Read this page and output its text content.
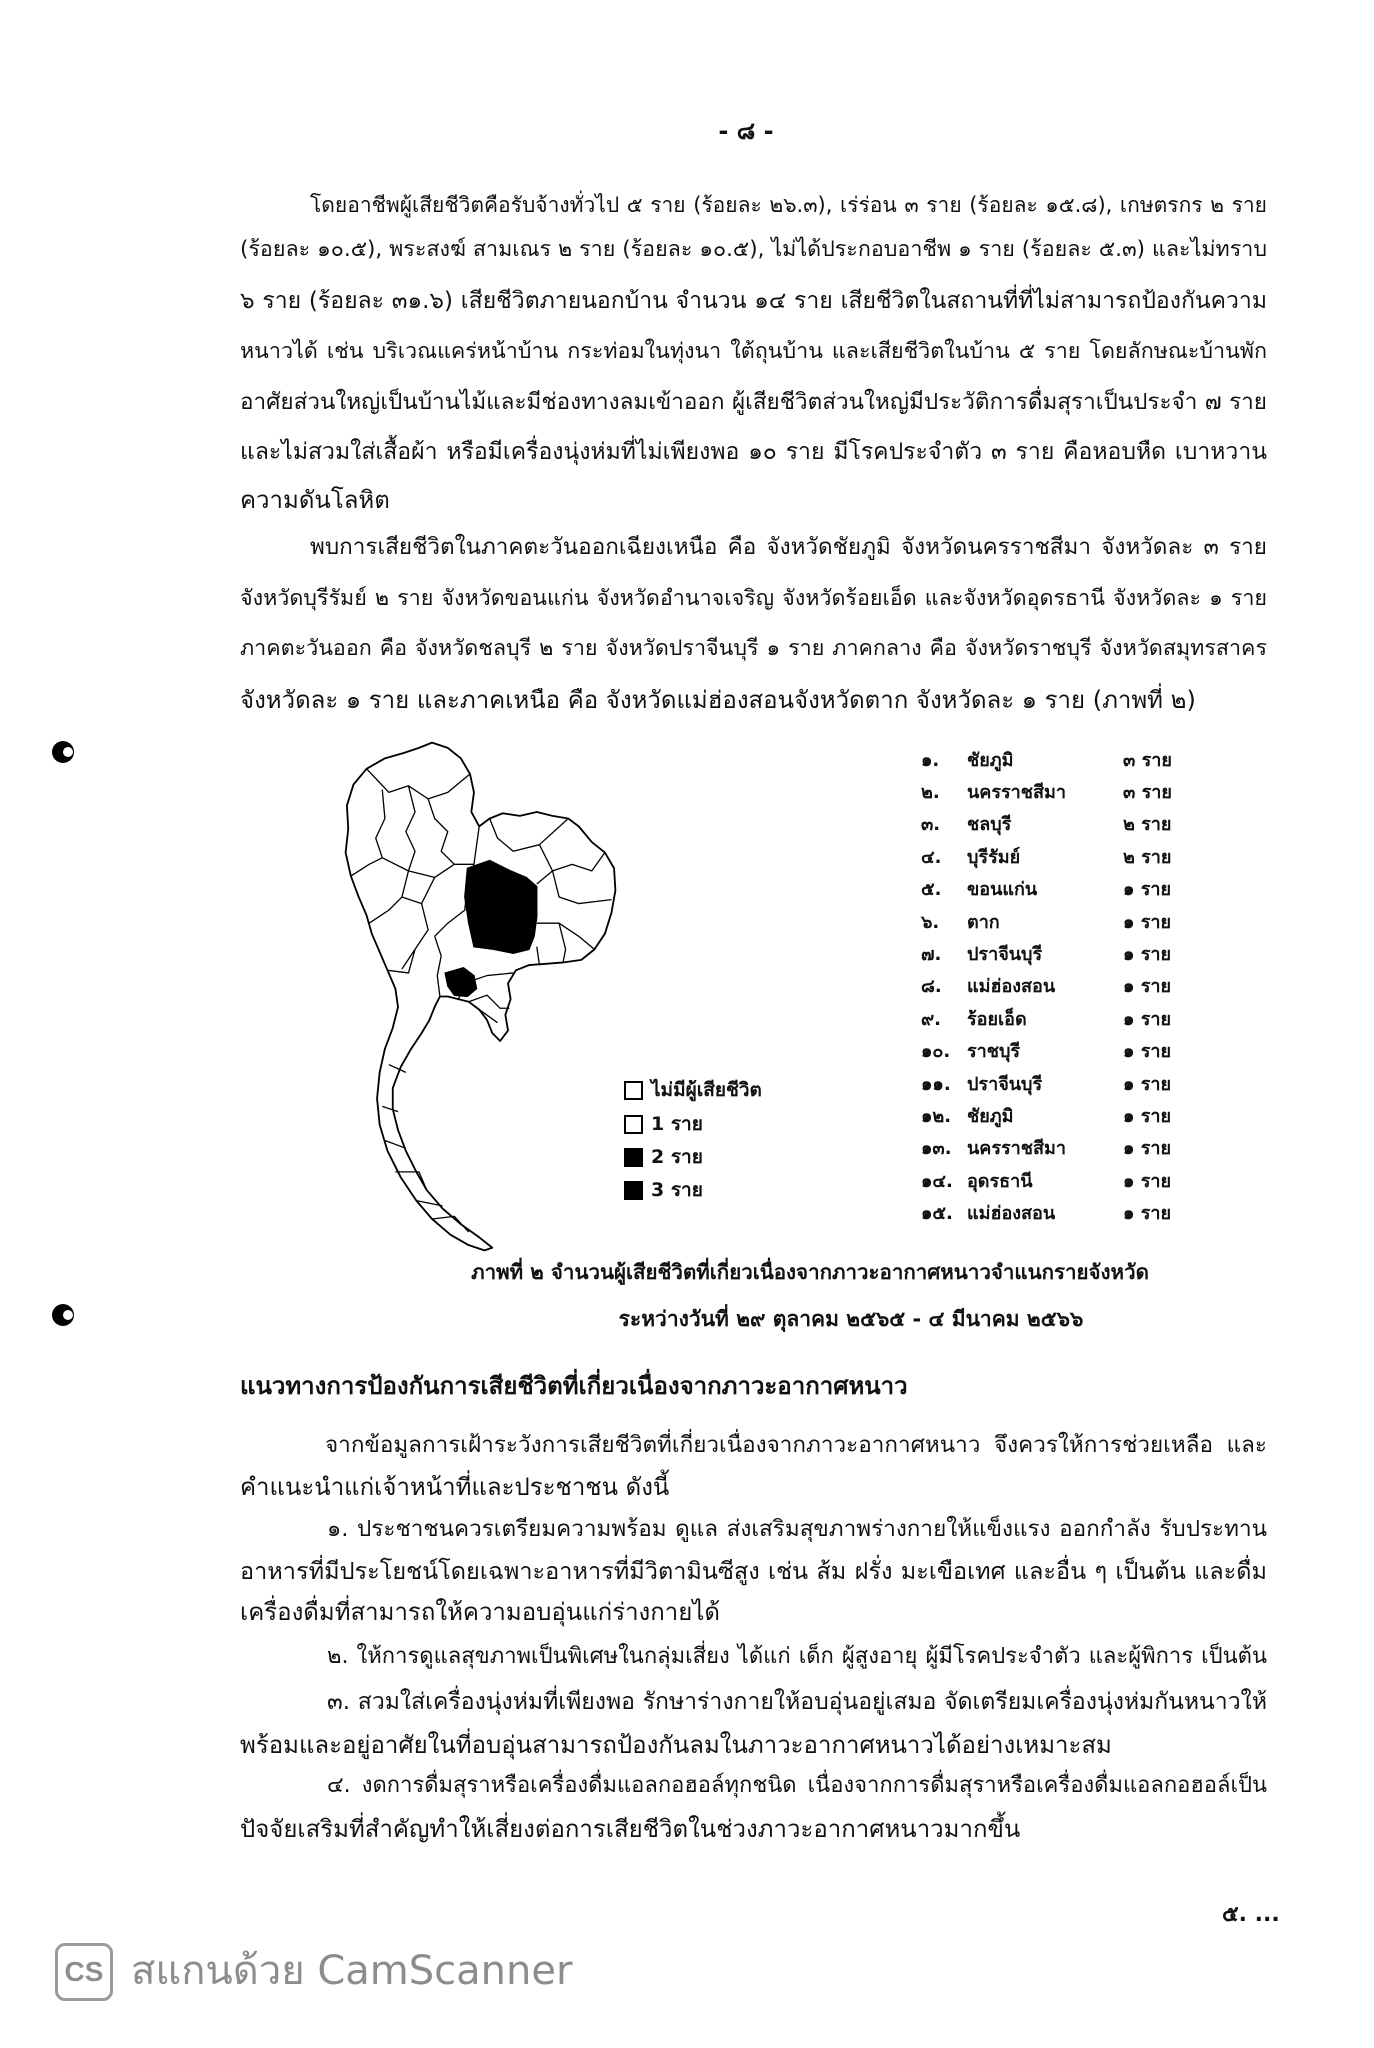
- ๘ -
โดยอาชีพผู้เสียชีวิตคือรับจ้างทั่วไป ๕ ราย (ร้อยละ ๒๖.๓), เร่ร่อน ๓ ราย (ร้อยละ ๑๕.๘), เกษตรกร ๒ ราย
(ร้อยละ ๑๐.๕), พระสงฆ์ สามเณร ๒ ราย (ร้อยละ ๑๐.๕), ไม่ได้ประกอบอาชีพ ๑ ราย (ร้อยละ ๕.๓) และไม่ทราบ
๖ ราย (ร้อยละ ๓๑.๖) เสียชีวิตภายนอกบ้าน จำนวน ๑๔ ราย เสียชีวิตในสถานที่ที่ไม่สามารถป้องกันความ
หนาวได้ เช่น บริเวณแคร่หน้าบ้าน กระท่อมในทุ่งนา ใต้ถุนบ้าน และเสียชีวิตในบ้าน ๕ ราย โดยลักษณะบ้านพัก
อาศัยส่วนใหญ่เป็นบ้านไม้และมีช่องทางลมเข้าออก ผู้เสียชีวิตส่วนใหญ่มีประวัติการดื่มสุราเป็นประจำ ๗ ราย
และไม่สวมใส่เสื้อผ้า หรือมีเครื่องนุ่งห่มที่ไม่เพียงพอ ๑๐ ราย มีโรคประจำตัว ๓ ราย คือหอบหืด เบาหวาน
ความดันโลหิต
พบการเสียชีวิตในภาคตะวันออกเฉียงเหนือ คือ จังหวัดชัยภูมิ จังหวัดนครราชสีมา จังหวัดละ ๓ ราย
จังหวัดบุรีรัมย์ ๒ ราย จังหวัดขอนแก่น จังหวัดอำนาจเจริญ จังหวัดร้อยเอ็ด และจังหวัดอุดรธานี จังหวัดละ ๑ ราย
ภาคตะวันออก คือ จังหวัดชลบุรี ๒ ราย จังหวัดปราจีนบุรี ๑ ราย ภาคกลาง คือ จังหวัดราชบุรี จังหวัดสมุทรสาคร
จังหวัดละ ๑ ราย และภาคเหนือ คือ จังหวัดแม่ฮ่องสอนจังหวัดตาก จังหวัดละ ๑ ราย (ภาพที่ ๒)
ไม่มีผู้เสียชีวิต
1 ราย
2 ราย
3 ราย
๑.	ชัยภูมิ	๓ ราย
๒.	นครราชสีมา	๓ ราย
๓.	ชลบุรี	๒ ราย
๔.	บุรีรัมย์	๒ ราย
๕.	ขอนแก่น	๑ ราย
๖.	ตาก	๑ ราย
๗.	ปราจีนบุรี	๑ ราย
๘.	แม่ฮ่องสอน	๑ ราย
๙.	ร้อยเอ็ด	๑ ราย
๑๐. ราชบุรี	๑ ราย
๑๑. ปราจีนบุรี	๑ ราย
๑๒. ชัยภูมิ	๑ ราย
๑๓. นครราชสีมา	๑ ราย
๑๔. อุดรธานี	๑ ราย
๑๕. แม่ฮ่องสอน	๑ ราย
ภาพที่ ๒ จำนวนผู้เสียชีวิตที่เกี่ยวเนื่องจากภาวะอากาศหนาวจำแนกรายจังหวัด
ระหว่างวันที่ ๒๙ ตุลาคม ๒๕๖๕ - ๔ มีนาคม ๒๕๖๖
แนวทางการป้องกันการเสียชีวิตที่เกี่ยวเนื่องจากภาวะอากาศหนาว
จากข้อมูลการเฝ้าระวังการเสียชีวิตที่เกี่ยวเนื่องจากภาวะอากาศหนาว จึงควรให้การช่วยเหลือ และ
คำแนะนำแก่เจ้าหน้าที่และประชาชน ดังนี้
๑. ประชาชนควรเตรียมความพร้อม ดูแล ส่งเสริมสุขภาพร่างกายให้แข็งแรง ออกกำลัง รับประทาน
อาหารที่มีประโยชน์โดยเฉพาะอาหารที่มีวิตามินซีสูง เช่น ส้ม ฝรั่ง มะเขือเทศ และอื่น ๆ เป็นต้น และดื่ม
เครื่องดื่มที่สามารถให้ความอบอุ่นแก่ร่างกายได้
๒. ให้การดูแลสุขภาพเป็นพิเศษในกลุ่มเสี่ยง ได้แก่ เด็ก ผู้สูงอายุ ผู้มีโรคประจำตัว และผู้พิการ เป็นต้น
๓. สวมใส่เครื่องนุ่งห่มที่เพียงพอ รักษาร่างกายให้อบอุ่นอยู่เสมอ จัดเตรียมเครื่องนุ่งห่มกันหนาวให้
พร้อมและอยู่อาศัยในที่อบอุ่นสามารถป้องกันลมในภาวะอากาศหนาวได้อย่างเหมาะสม
๔. งดการดื่มสุราหรือเครื่องดื่มแอลกอฮอล์ทุกชนิด เนื่องจากการดื่มสุราหรือเครื่องดื่มแอลกอฮอล์เป็น
ปัจจัยเสริมที่สำคัญทำให้เสี่ยงต่อการเสียชีวิตในช่วงภาวะอากาศหนาวมากขึ้น
๕. ...
CS สแกนด้วย CamScanner
